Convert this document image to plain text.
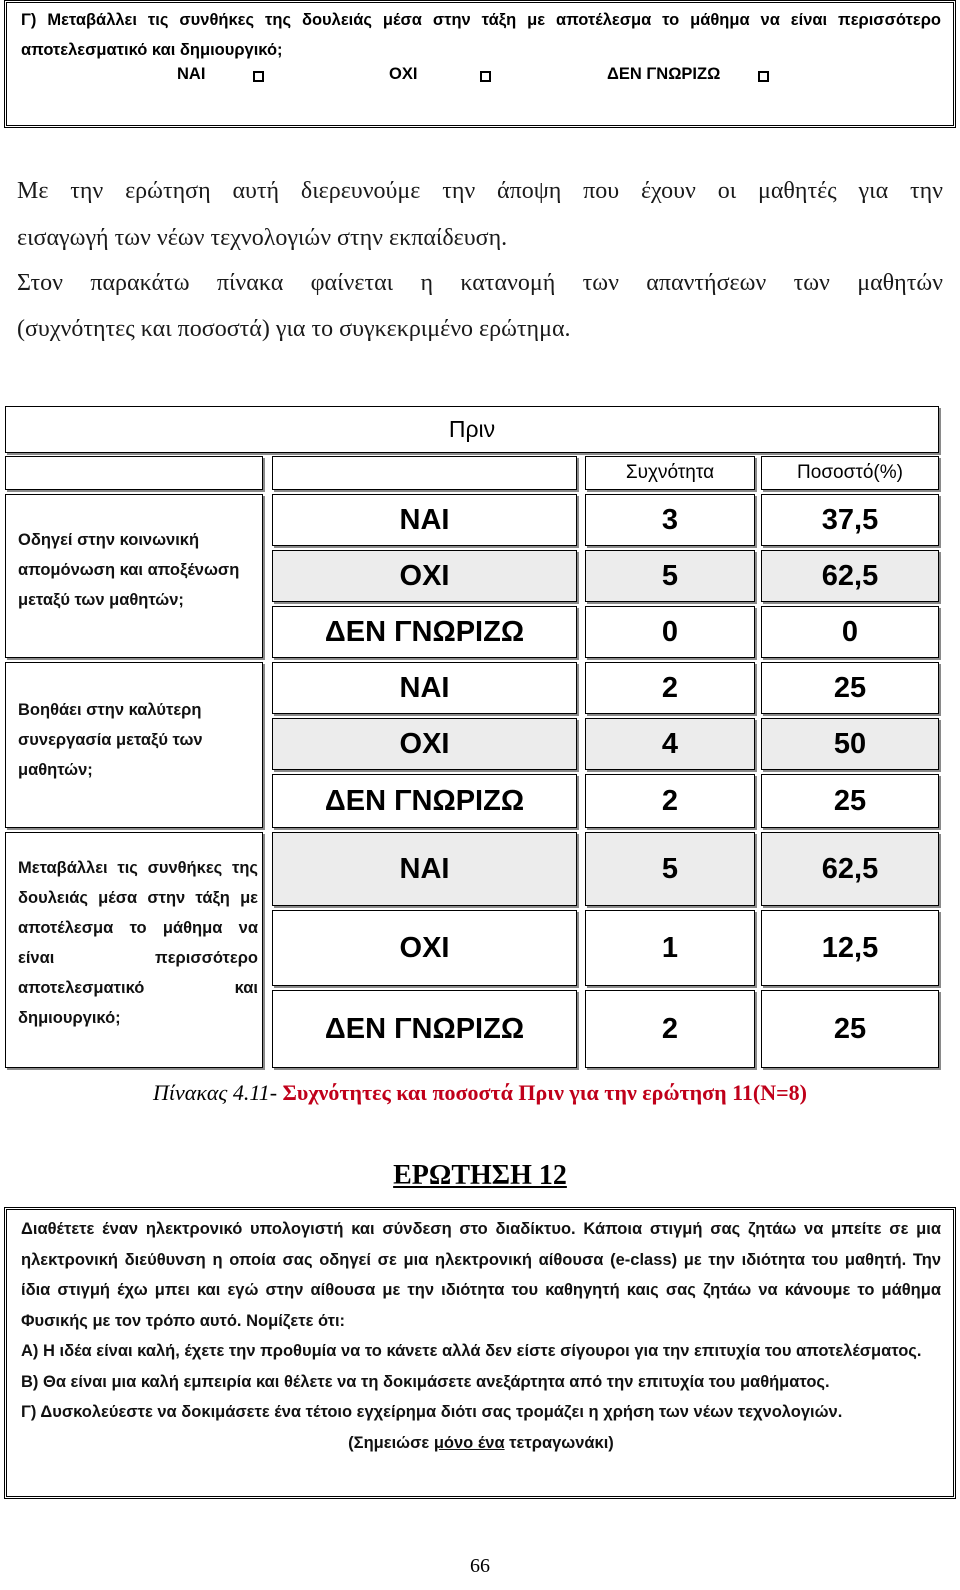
Γ) Μεταβάλλει τις συνθήκες της δουλειάς μέσα στην τάξη με αποτέλεσμα το μάθημα να είναι περισσότερο αποτελεσματικό και δημιουργικό;
ΝΑΙ	ΟΧΙ	ΔΕΝ ΓΝΩΡΙΖΩ
Με την ερώτηση αυτή διερευνούμε την άποψη που έχουν οι μαθητές για την
εισαγωγή των νέων τεχνολογιών στην εκπαίδευση.
Στον παρακάτω πίνακα φαίνεται η κατανομή των απαντήσεων των μαθητών
(συχνότητες και ποσοστά) για το συγκεκριμένο ερώτημα.
Πριν
Συχνότητα	Ποσοστό(%)
Οδηγεί στην κοινωνική απομόνωση και αποξένωση μεταξύ των μαθητών;
ΝΑΙ	3	37,5
ΟΧΙ	5	62,5
ΔΕΝ ΓΝΩΡΙΖΩ	0	0
Βοηθάει στην καλύτερη συνεργασία μεταξύ των μαθητών;
ΝΑΙ	2	25
ΟΧΙ	4	50
ΔΕΝ ΓΝΩΡΙΖΩ	2	25
Μεταβάλλει τις συνθήκες της δουλειάς μέσα στην τάξη με αποτέλεσμα το μάθημα να είναι περισσότερο αποτελεσματικό και δημιουργικό;
ΝΑΙ	5	62,5
ΟΧΙ	1	12,5
ΔΕΝ ΓΝΩΡΙΖΩ	2	25
Πίνακας 4.11- Συχνότητες και ποσοστά Πριν για την ερώτηση 11(Ν=8)
ΕΡΩΤΗΣΗ 12
Διαθέτετε έναν ηλεκτρονικό υπολογιστή και σύνδεση στο διαδίκτυο. Κάποια στιγμή σας ζητάω να μπείτε σε μια ηλεκτρονική διεύθυνση η οποία σας οδηγεί σε μια ηλεκτρονική αίθουσα (e-class) με την ιδιότητα του μαθητή. Την ίδια στιγμή έχω μπει και εγώ στην αίθουσα με την ιδιότητα του καθηγητή καις σας ζητάω να κάνουμε το μάθημα Φυσικής με τον τρόπο αυτό. Νομίζετε ότι:
Α) Η ιδέα είναι καλή, έχετε την προθυμία να το κάνετε αλλά δεν είστε σίγουροι για την επιτυχία του αποτελέσματος.
Β) Θα είναι μια καλή εμπειρία και θέλετε να τη δοκιμάσετε ανεξάρτητα από την επιτυχία του μαθήματος.
Γ) Δυσκολεύεστε να δοκιμάσετε ένα τέτοιο εγχείρημα διότι σας τρομάζει η χρήση των νέων τεχνολογιών.
(Σημειώσε μόνο ένα τετραγωνάκι)
66
